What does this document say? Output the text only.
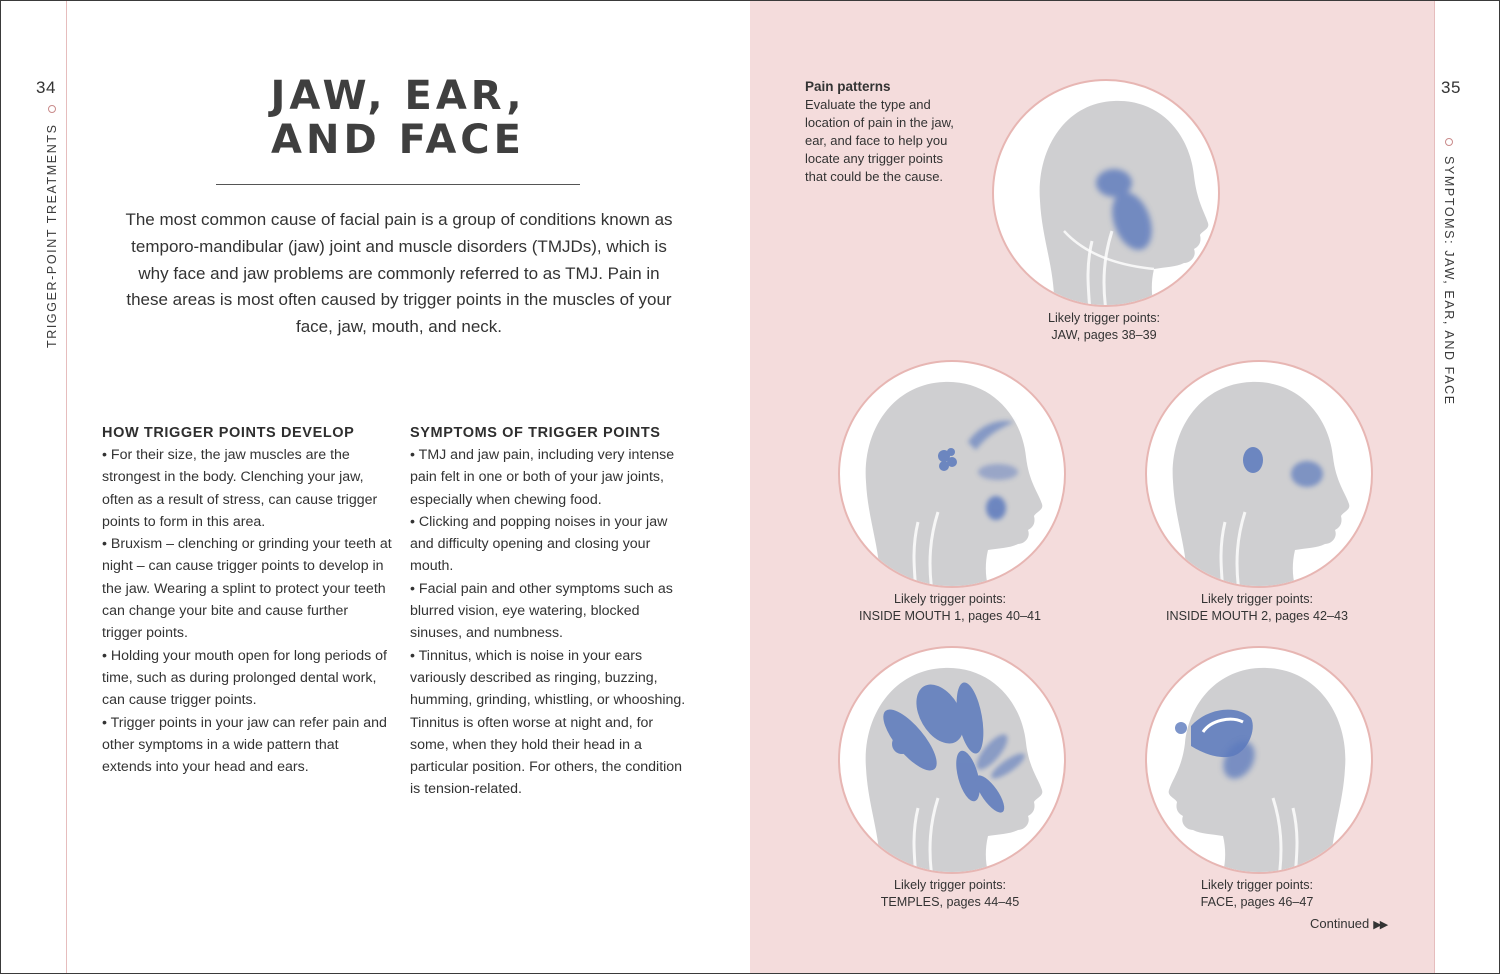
34
TRIGGER-POINT TREATMENTS
JAW, EAR,
AND FACE
The most common cause of facial pain is a group of conditions known as temporo-mandibular (jaw) joint and muscle disorders (TMJDs), which is why face and jaw problems are commonly referred to as TMJ. Pain in these areas is most often caused by trigger points in the muscles of your face, jaw, mouth, and neck.
HOW TRIGGER POINTS DEVELOP

• For their size, the jaw muscles are the strongest in the body. Clenching your jaw, often as a result of stress, can cause trigger points to form in this area.

• Bruxism – clenching or grinding your teeth at night – can cause trigger points to develop in the jaw. Wearing a splint to protect your teeth can change your bite and cause further trigger points.

• Holding your mouth open for long periods of time, such as during prolonged dental work, can cause trigger points.

• Trigger points in your jaw can refer pain and other symptoms in a wide pattern that extends into your head and ears.

SYMPTOMS OF TRIGGER POINTS

• TMJ and jaw pain, including very intense pain felt in one or both of your jaw joints, especially when chewing food.

• Clicking and popping noises in your jaw and difficulty opening and closing your mouth.

• Facial pain and other symptoms such as blurred vision, eye watering, blocked sinuses, and numbness.

• Tinnitus, which is noise in your ears variously described as ringing, buzzing, humming, grinding, whistling, or whooshing. Tinnitus is often worse at night and, for some, when they hold their head in a particular position. For others, the condition is tension-related.

35
SYMPTOMS: JAW, EAR, AND FACE
Pain patterns
Evaluate the type and location of pain in the jaw, ear, and face to help you locate any trigger points that could be the cause.
Likely trigger points:
JAW, pages 38–39
Likely trigger points:
INSIDE MOUTH 1, pages 40–41
Likely trigger points:
INSIDE MOUTH 2, pages 42–43
Likely trigger points:
TEMPLES, pages 44–45
Likely trigger points:
FACE, pages 46–47
Continued ▶▶
